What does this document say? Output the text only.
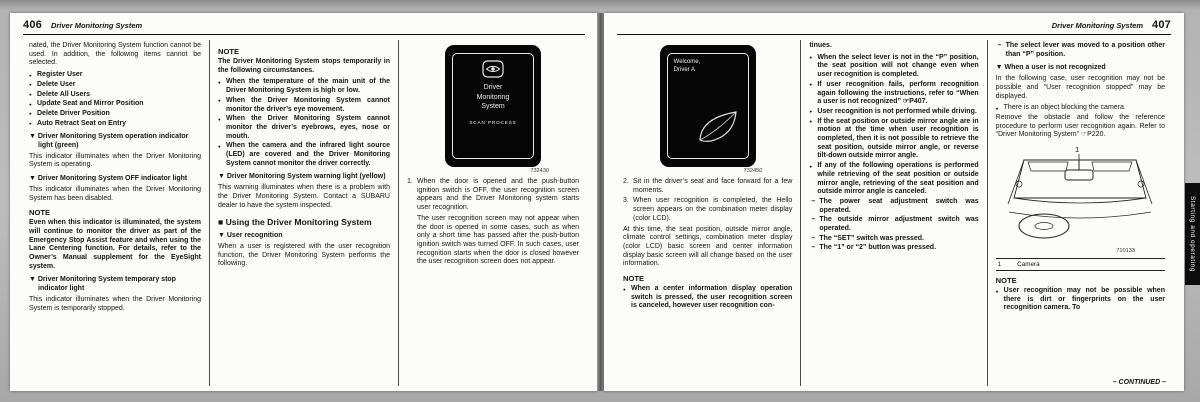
406 Driver Monitoring System
nated, the Driver Monitoring System function cannot be used. In addition, the following items cannot be selected.
● Register User
● Delete User
● Delete All Users
● Update Seat and Mirror Position
● Delete Driver Position
● Auto Retract Seat on Entry
▼ Driver Monitoring System operation indicator light (green)
This indicator illuminates when the Driver Monitoring System is operating.
▼ Driver Monitoring System OFF indicator light
This indicator illuminates when the Driver Monitoring System has been disabled.
NOTE
Even when this indicator is illuminated, the system will continue to monitor the driver as part of the Emergency Stop Assist feature and when using the Lane Centering function. For details, refer to the Owner’s Manual supplement for the EyeSight system.
▼ Driver Monitoring System temporary stop indicator light
This indicator illuminates when the Driver Monitoring System is temporarily stopped.
NOTE
The Driver Monitoring System stops temporarily in the following circumstances.
● When the temperature of the main unit of the Driver Monitoring System is high or low.
● When the Driver Monitoring System cannot monitor the driver’s eye movement.
● When the Driver Monitoring System cannot monitor the driver’s eyebrows, eyes, nose or mouth.
● When the camera and the infrared light source (LED) are covered and the Driver Monitoring System cannot monitor the driver correctly.
▼ Driver Monitoring System warning light (yellow)
This warning illuminates when there is a problem with the Driver Monitoring System. Contact a SUBARU dealer to have the system inspected.
■ Using the Driver Monitoring System
▼ User recognition
When a user is registered with the user recognition function, the Driver Monitoring System performs the following.
Driver
Monitoring
System
SCAN PROCESS
732430
1. When the door is opened and the push-button ignition switch is OFF, the user recognition screen appears and the Driver Monitoring system starts user recognition.
The user recognition screen may not appear when the door is opened in some cases, such as when only a short time has passed after the push-button ignition switch was turned OFF. In such cases, user recognition starts when the door is closed however the user recognition screen does not appear.
Driver Monitoring System 407
Welcome,
Driver A
732450
2. Sit in the driver’s seat and face forward for a few moments.
3. When user recognition is completed, the Hello screen appears on the combination meter display (color LCD).
At this time, the seat position, outside mirror angle, climate control settings, combination meter display (color LCD) basic screen and center information display basic screen will all change based on the user information.
NOTE
● When a center information display operation switch is pressed, the user recognition screen is canceled, however user recognition con-
tinues.
● When the select lever is not in the “P” position, the seat position will not change even when user recognition is completed.
● If user recognition fails, perform recognition again following the instructions, refer to “When a user is not recognized” ☞P407.
● User recognition is not performed while driving.
● If the seat position or outside mirror angle are in motion at the time when user recognition is completed, then it is not possible to retrieve the seat position, outside mirror angle, or reverse tilt-down outside mirror angle.
● If any of the following operations is performed while retrieving of the seat position or outside mirror angle, retrieving of the seat position and outside mirror angle is canceled.
– The power seat adjustment switch was operated.
– The outside mirror adjustment switch was operated.
– The “SET” switch was pressed.
– The “1” or “2” button was pressed.
– The select lever was moved to a position other than “P” position.
▼ When a user is not recognized
In the following case, user recognition may not be possible and “User recognition stopped” may be displayed.
● There is an object blocking the camera.
Remove the obstacle and follow the reference procedure to perform user recognition again. Refer to “Driver Monitoring System” ☞P220.
1
710133
1	Camera
NOTE
● User recognition may not be possible when there is dirt or fingerprints on the user recognition camera. To
– CONTINUED –
Starting and operating
